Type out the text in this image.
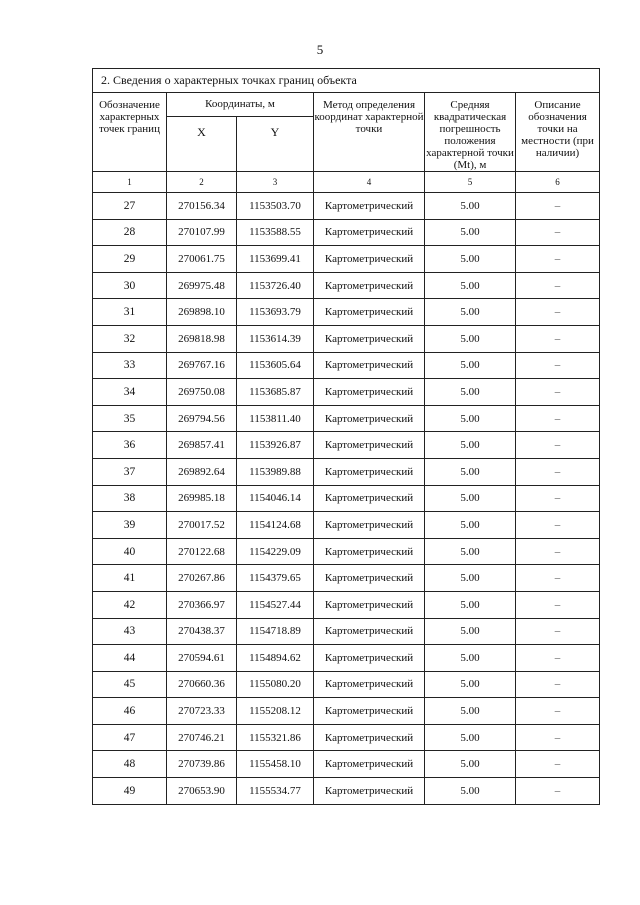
5
2. Сведения о характерных точках границ объекта					
Обозначение характерных точек границ	Координаты, м		Метод определения координат характерной точки	Средняя квадратическая погрешность положения характерной точки (Mt), м	Описание обозначения точки на местности (при наличии)
	X	Y			
1	2	3	4	5	6
27	270156.34	1153503.70	Картометрический	5.00	–
28	270107.99	1153588.55	Картометрический	5.00	–
29	270061.75	1153699.41	Картометрический	5.00	–
30	269975.48	1153726.40	Картометрический	5.00	–
31	269898.10	1153693.79	Картометрический	5.00	–
32	269818.98	1153614.39	Картометрический	5.00	–
33	269767.16	1153605.64	Картометрический	5.00	–
34	269750.08	1153685.87	Картометрический	5.00	–
35	269794.56	1153811.40	Картометрический	5.00	–
36	269857.41	1153926.87	Картометрический	5.00	–
37	269892.64	1153989.88	Картометрический	5.00	–
38	269985.18	1154046.14	Картометрический	5.00	–
39	270017.52	1154124.68	Картометрический	5.00	–
40	270122.68	1154229.09	Картометрический	5.00	–
41	270267.86	1154379.65	Картометрический	5.00	–
42	270366.97	1154527.44	Картометрический	5.00	–
43	270438.37	1154718.89	Картометрический	5.00	–
44	270594.61	1154894.62	Картометрический	5.00	–
45	270660.36	1155080.20	Картометрический	5.00	–
46	270723.33	1155208.12	Картометрический	5.00	–
47	270746.21	1155321.86	Картометрический	5.00	–
48	270739.86	1155458.10	Картометрический	5.00	–
49	270653.90	1155534.77	Картометрический	5.00	–
